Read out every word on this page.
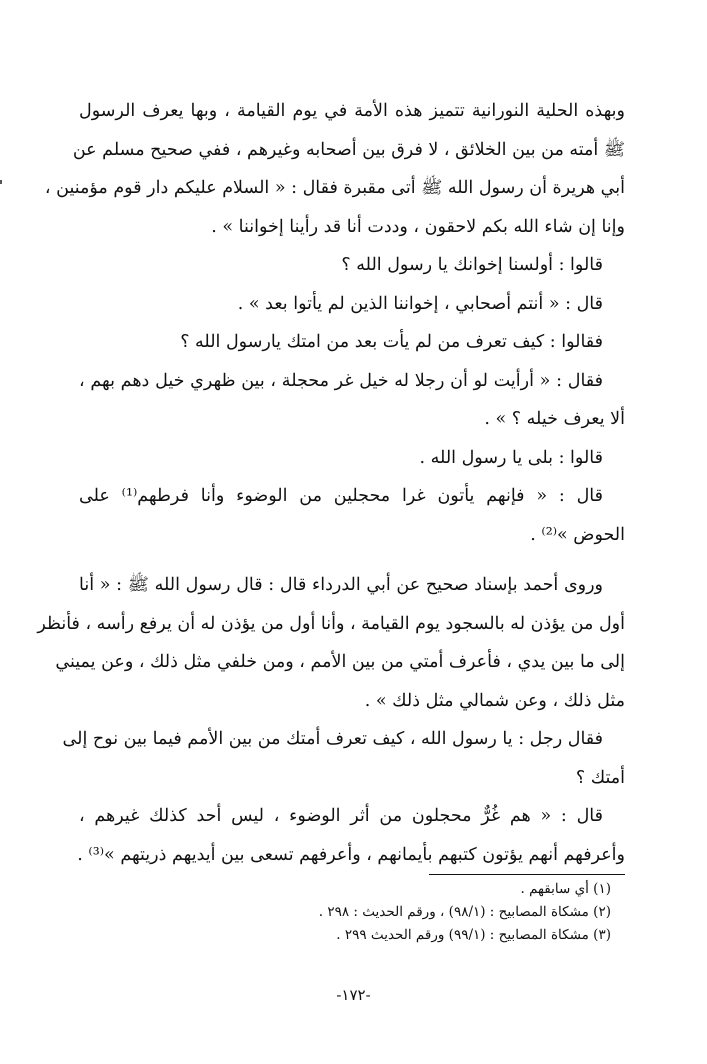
وبهذه الحلية النورانية تتميز هذه الأمة في يوم القيامة ، وبها يعرف الرسول
ﷺ أمته من بين الخلائق ، لا فرق بين أصحابه وغيرهم ، ففي صحيح مسلم عن
أبي هريرة أن رسول الله ﷺ أتى مقبرة فقال : « السلام عليكم دار قوم مؤمنين ،
وإنا إن شاء الله بكم لاحقون ، وددت أنا قد رأينا إخواننا » .
قالوا : أولسنا إخوانك يا رسول الله ؟
قال : « أنتم أصحابي ، إخواننا الذين لم يأتوا بعد » .
فقالوا : كيف تعرف من لم يأت بعد من امتك يارسول الله ؟
فقال : « أرأيت لو أن رجلا له خيل غر محجلة ، بين ظهري خيل دهم بهم ،
ألا يعرف خيله ؟ » .
قالوا : بلى يا رسول الله .
قال : « فإنهم يأتون غرا محجلين من الوضوء وأنا فرطهم⁽¹⁾ على
الحوض »⁽²⁾ .
وروى أحمد بإسناد صحيح عن أبي الدرداء قال : قال رسول الله ﷺ : « أنا
أول من يؤذن له بالسجود يوم القيامة ، وأنا أول من يؤذن له أن يرفع رأسه ، فأنظر
إلى ما بين يدي ، فأعرف أمتي من بين الأمم ، ومن خلفي مثل ذلك ، وعن يميني
مثل ذلك ، وعن شمالي مثل ذلك » .
فقال رجل : يا رسول الله ، كيف تعرف أمتك من بين الأمم فيما بين نوح إلى
أمتك ؟
قال : « هم غُرٌّ محجلون من أثر الوضوء ، ليس أحد كذلك غيرهم ،
وأعرفهم أنهم يؤتون كتبهم بأيمانهم ، وأعرفهم تسعى بين أيديهم ذريتهم »⁽³⁾ .
(١) أي سابقهم .
(٢) مشكاة المصابيح : (٩٨/١) ، ورقم الحديث : ٢٩٨ .
(٣) مشكاة المصابيح : (٩٩/١) ورقم الحديث ٢٩٩ .
-١٧٢-
